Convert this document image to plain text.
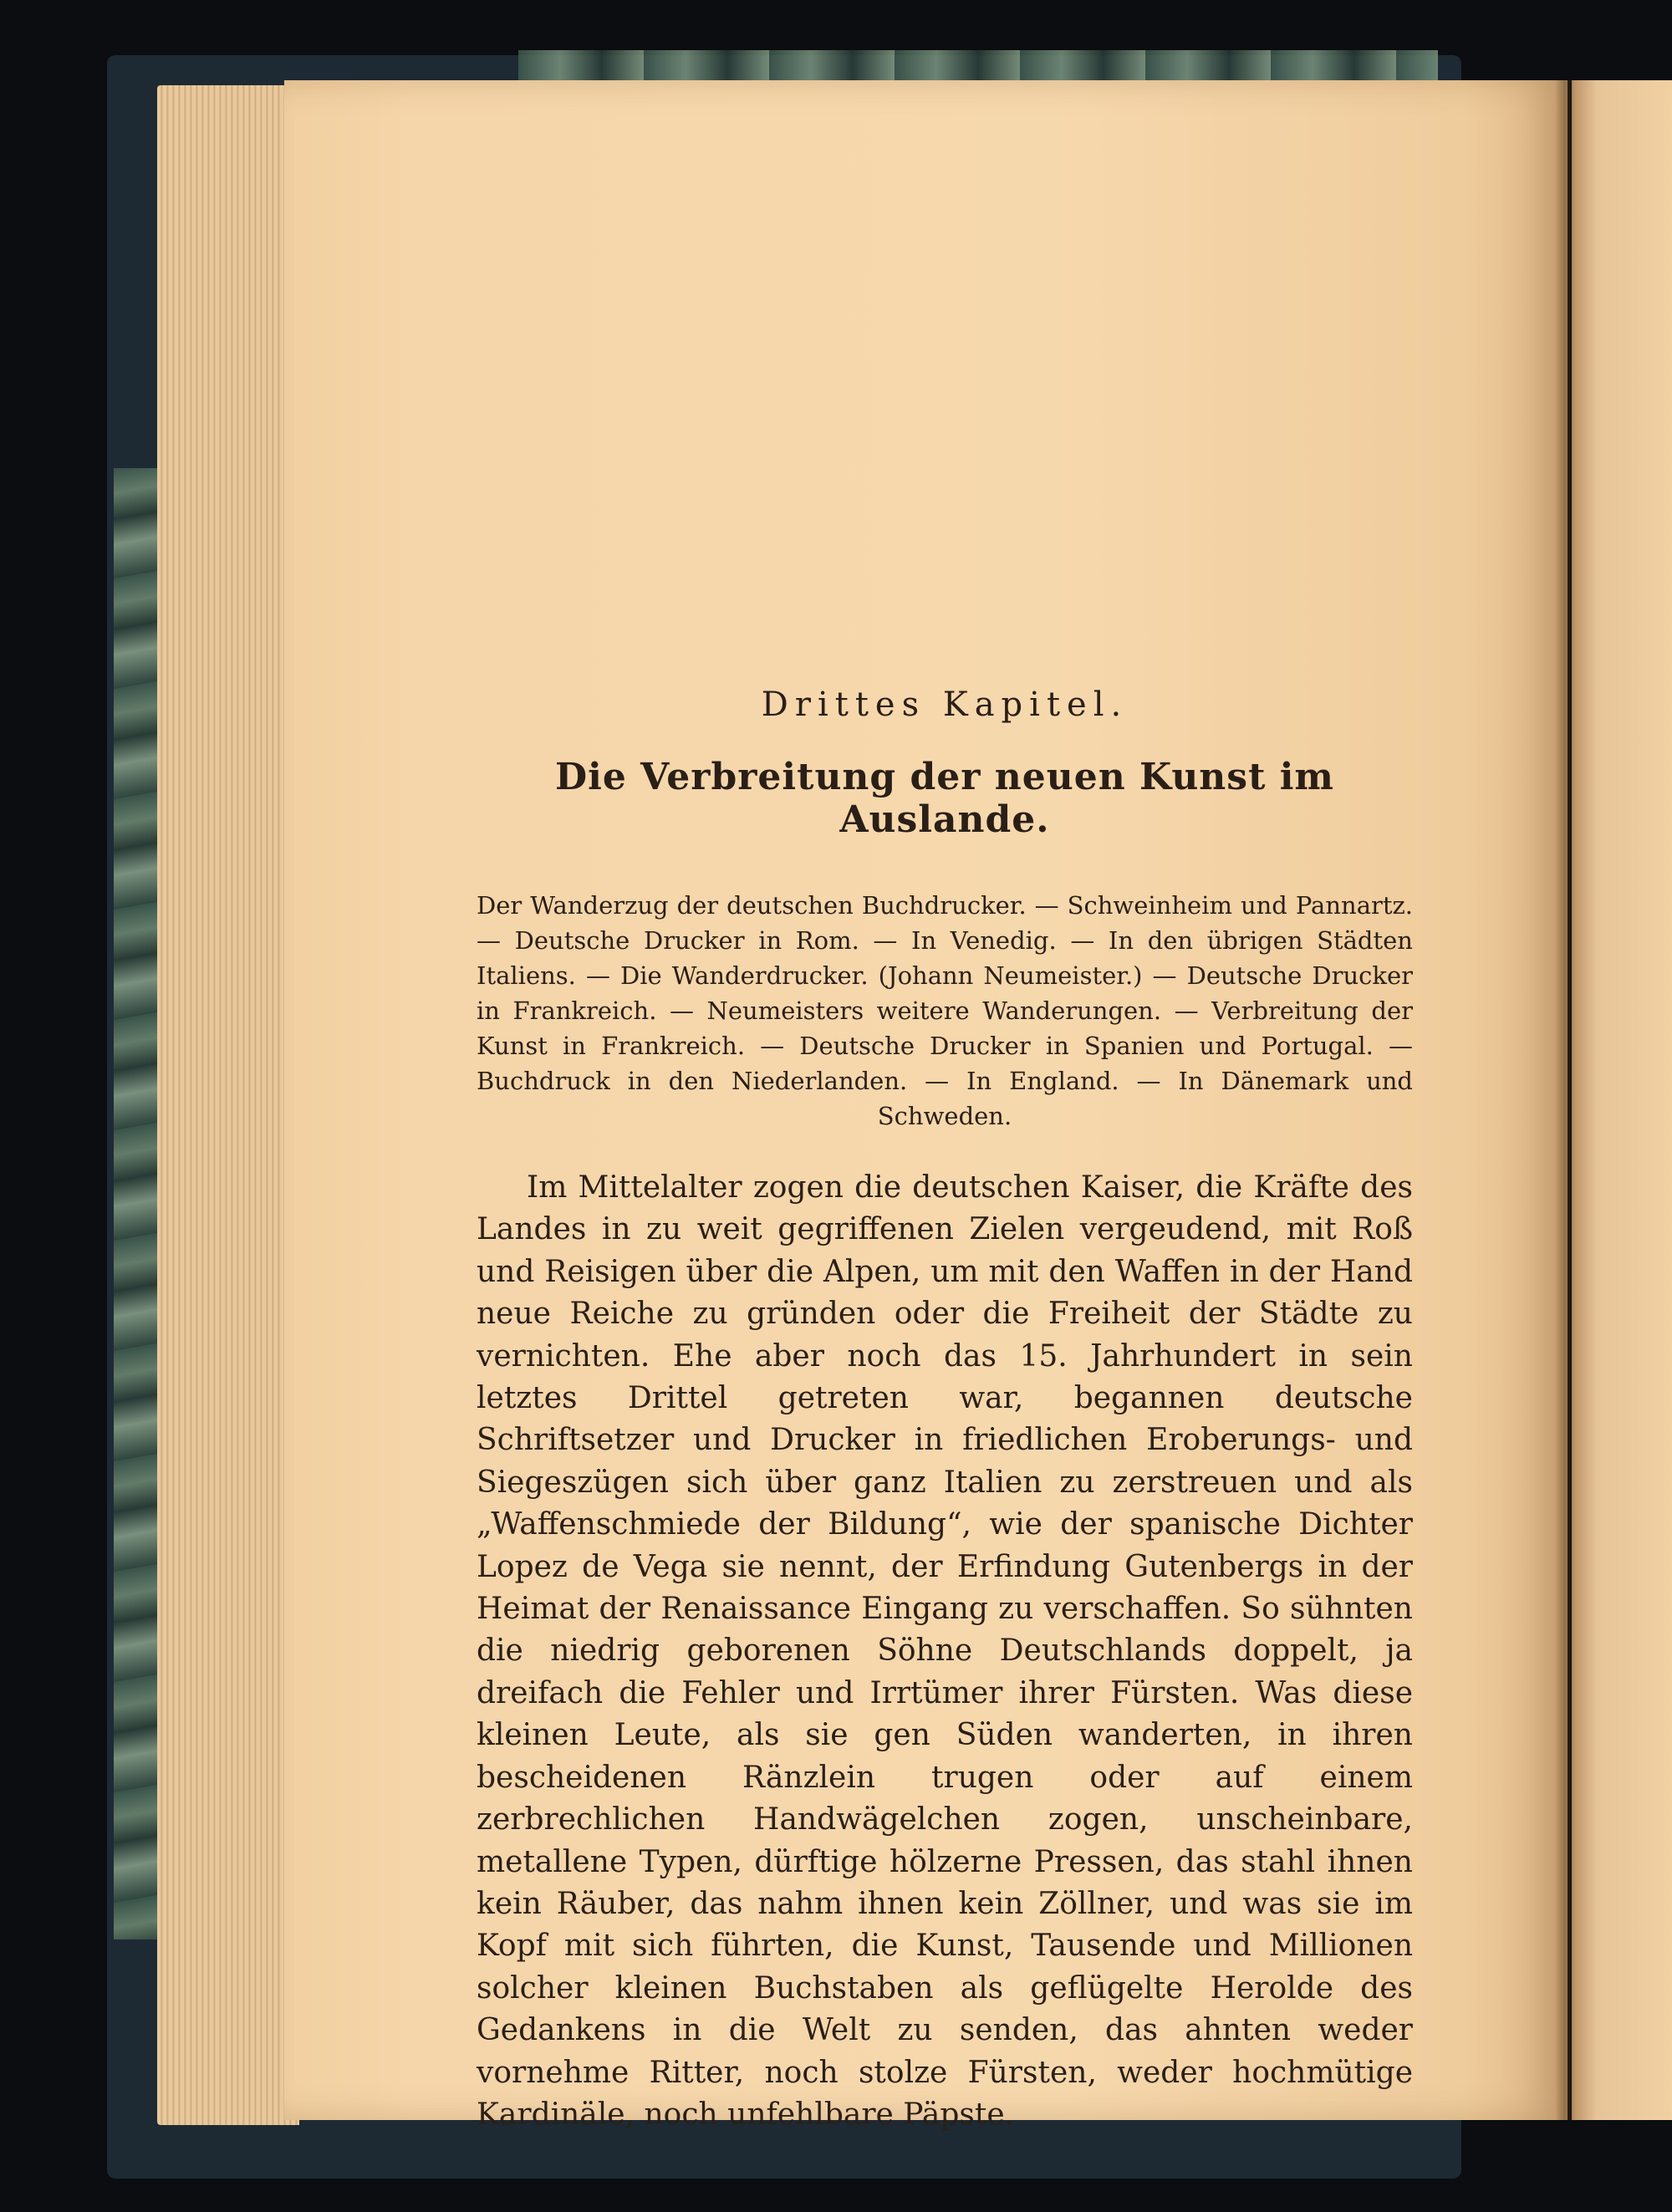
Drittes Kapitel.
Die Verbreitung der neuen Kunst im Auslande.
Der Wanderzug der deutschen Buchdrucker. — Schweinheim und Pannartz. — Deutsche Drucker in Rom. — In Venedig. — In den übrigen Städten Italiens. — Die Wanderdrucker. (Johann Neumeister.) — Deutsche Drucker in Frankreich. — Neumeisters weitere Wanderungen. — Verbreitung der Kunst in Frankreich. — Deutsche Drucker in Spanien und Portugal. — Buchdruck in den Niederlanden. — In England. — In Dänemark und Schweden.

Im Mittelalter zogen die deutschen Kaiser, die Kräfte des Landes in zu weit gegriffenen Zielen vergeudend, mit Roß und Reisigen über die Alpen, um mit den Waffen in der Hand neue Reiche zu gründen oder die Freiheit der Städte zu vernichten. Ehe aber noch das 15. Jahrhundert in sein letztes Drittel getreten war, begannen deutsche Schriftsetzer und Drucker in friedlichen Eroberungs- und Siegeszügen sich über ganz Italien zu zerstreuen und als „Waffenschmiede der Bildung“, wie der spanische Dichter Lopez de Vega sie nennt, der Erfindung Gutenbergs in der Heimat der Renaissance Eingang zu verschaffen. So sühnten die niedrig geborenen Söhne Deutschlands doppelt, ja dreifach die Fehler und Irrtümer ihrer Fürsten. Was diese kleinen Leute, als sie gen Süden wanderten, in ihren bescheidenen Ränzlein trugen oder auf einem zerbrechlichen Handwägelchen zogen, unscheinbare, metallene Typen, dürftige hölzerne Pressen, das stahl ihnen kein Räuber, das nahm ihnen kein Zöllner, und was sie im Kopf mit sich führten, die Kunst, Tausende und Millionen solcher kleinen Buchstaben als geflügelte Herolde des Gedankens in die Welt zu senden, das ahnten weder vornehme Ritter, noch stolze Fürsten, weder hochmütige Kardinäle, noch unfehlbare Päpste.
